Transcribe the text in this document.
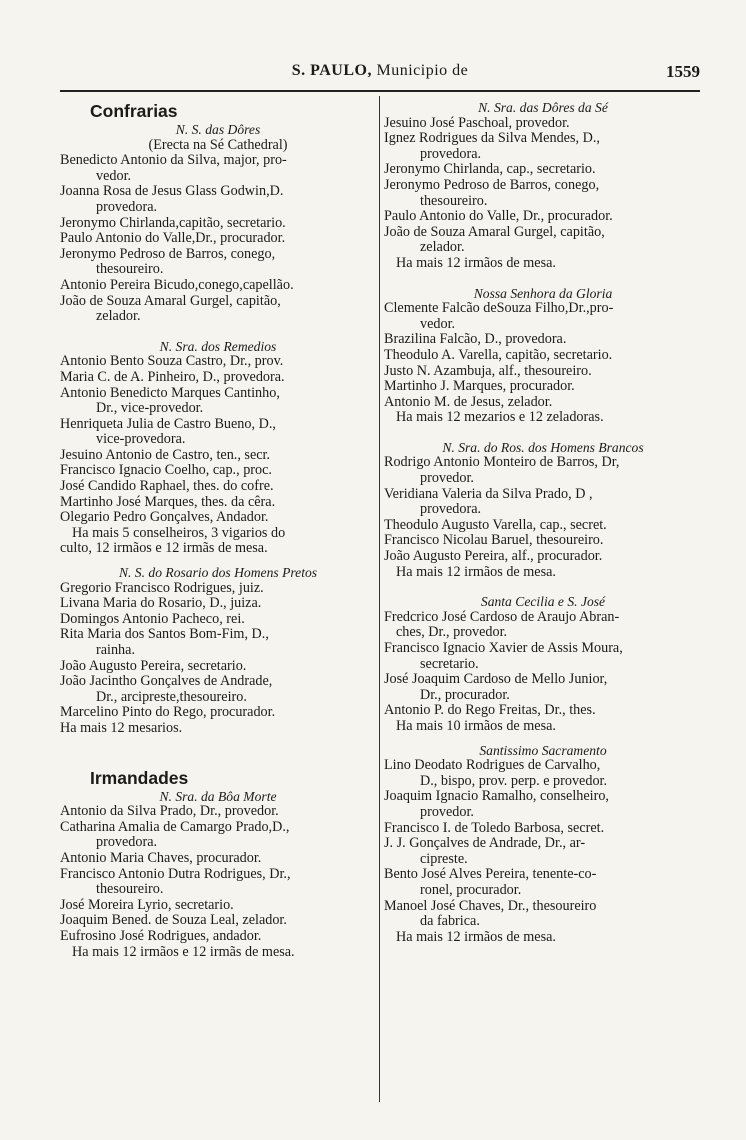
S. PAULO, Municipio de	1559
Confrarias
N. S. das Dôres
(Erecta na Sé Cathedral)
Benedicto Antonio da Silva, major, pro-
vedor.
Joanna Rosa de Jesus Glass Godwin,D.
provedora.
Jeronymo Chirlanda,capitão, secretario.
Paulo Antonio do Valle,Dr., procurador.
Jeronymo Pedroso de Barros, conego,
thesoureiro.
Antonio Pereira Bicudo,conego,capellão.
João de Souza Amaral Gurgel, capitão,
zelador.
N. Sra. dos Remedios
Antonio Bento Souza Castro, Dr., prov.
Maria C. de A. Pinheiro, D., provedora.
Antonio Benedicto Marques Cantinho,
Dr., vice-provedor.
Henriqueta Julia de Castro Bueno, D.,
vice-provedora.
Jesuino Antonio de Castro, ten., secr.
Francisco Ignacio Coelho, cap., proc.
José Candido Raphael, thes. do cofre.
Martinho José Marques, thes. da cêra.
Olegario Pedro Gonçalves, Andador.
Ha mais 5 conselheiros, 3 vigarios do
culto, 12 irmãos e 12 irmãs de mesa.
N. S. do Rosario dos Homens Pretos
Gregorio Francisco Rodrigues, juiz.
Livana Maria do Rosario, D., juiza.
Domingos Antonio Pacheco, rei.
Rita Maria dos Santos Bom-Fim, D.,
rainha.
João Augusto Pereira, secretario.
João Jacintho Gonçalves de Andrade,
Dr., arcipreste,thesoureiro.
Marcelino Pinto do Rego, procurador.
Ha mais 12 mesarios.
Irmandades
N. Sra. da Bôa Morte
Antonio da Silva Prado, Dr., provedor.
Catharina Amalia de Camargo Prado,D.,
provedora.
Antonio Maria Chaves, procurador.
Francisco Antonio Dutra Rodrigues, Dr.,
thesoureiro.
José Moreira Lyrio, secretario.
Joaquim Bened. de Souza Leal, zelador.
Eufrosino José Rodrigues, andador.
Ha mais 12 irmãos e 12 irmãs de mesa.
N. Sra. das Dôres da Sé
Jesuino José Paschoal, provedor.
Ignez Rodrigues da Silva Mendes, D.,
provedora.
Jeronymo Chirlanda, cap., secretario.
Jeronymo Pedroso de Barros, conego,
thesoureiro.
Paulo Antonio do Valle, Dr., procurador.
João de Souza Amaral Gurgel, capitão,
zelador.
Ha mais 12 irmãos de mesa.
Nossa Senhora da Gloria
Clemente Falcão deSouza Filho,Dr.,pro-
vedor.
Brazilina Falcão, D., provedora.
Theodulo A. Varella, capitão, secretario.
Justo N. Azambuja, alf., thesoureiro.
Martinho J. Marques, procurador.
Antonio M. de Jesus, zelador.
Ha mais 12 mezarios e 12 zeladoras.
N. Sra. do Ros. dos Homens Brancos
Rodrigo Antonio Monteiro de Barros, Dr,
provedor.
Veridiana Valeria da Silva Prado, D ,
provedora.
Theodulo Augusto Varella, cap., secret.
Francisco Nicolau Baruel, thesoureiro.
João Augusto Pereira, alf., procurador.
Ha mais 12 irmãos de mesa.
Santa Cecilia e S. José
Fredcrico José Cardoso de Araujo Abran-
ches, Dr., provedor.
Francisco Ignacio Xavier de Assis Moura,
secretario.
José Joaquim Cardoso de Mello Junior,
Dr., procurador.
Antonio P. do Rego Freitas, Dr., thes.
Ha mais 10 irmãos de mesa.
Santissimo Sacramento
Lino Deodato Rodrigues de Carvalho,
D., bispo, prov. perp. e provedor.
Joaquim Ignacio Ramalho, conselheiro,
provedor.
Francisco I. de Toledo Barbosa, secret.
J. J. Gonçalves de Andrade, Dr., ar-
cipreste.
Bento José Alves Pereira, tenente-co-
ronel, procurador.
Manoel José Chaves, Dr., thesoureiro
da fabrica.
Ha mais 12 irmãos de mesa.
